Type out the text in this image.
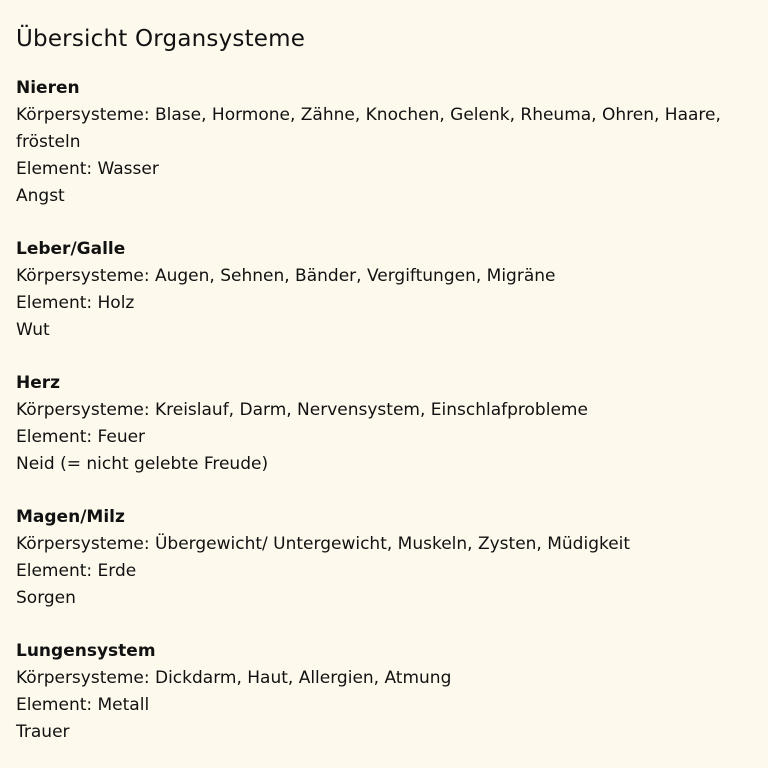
Übersicht Organsysteme

Nieren

Körpersysteme: Blase, Hormone, Zähne, Knochen, Gelenk, Rheuma, Ohren, Haare, frösteln

Element: Wasser

Angst

Leber/Galle

Körpersysteme: Augen, Sehnen, Bänder, Vergiftungen, Migräne

Element: Holz

Wut

Herz

Körpersysteme: Kreislauf, Darm, Nervensystem, Einschlafprobleme

Element: Feuer

Neid (= nicht gelebte Freude)

Magen/Milz

Körpersysteme: Übergewicht/ Untergewicht, Muskeln, Zysten, Müdigkeit

Element: Erde

Sorgen

Lungensystem

Körpersysteme: Dickdarm, Haut, Allergien, Atmung

Element: Metall

Trauer
